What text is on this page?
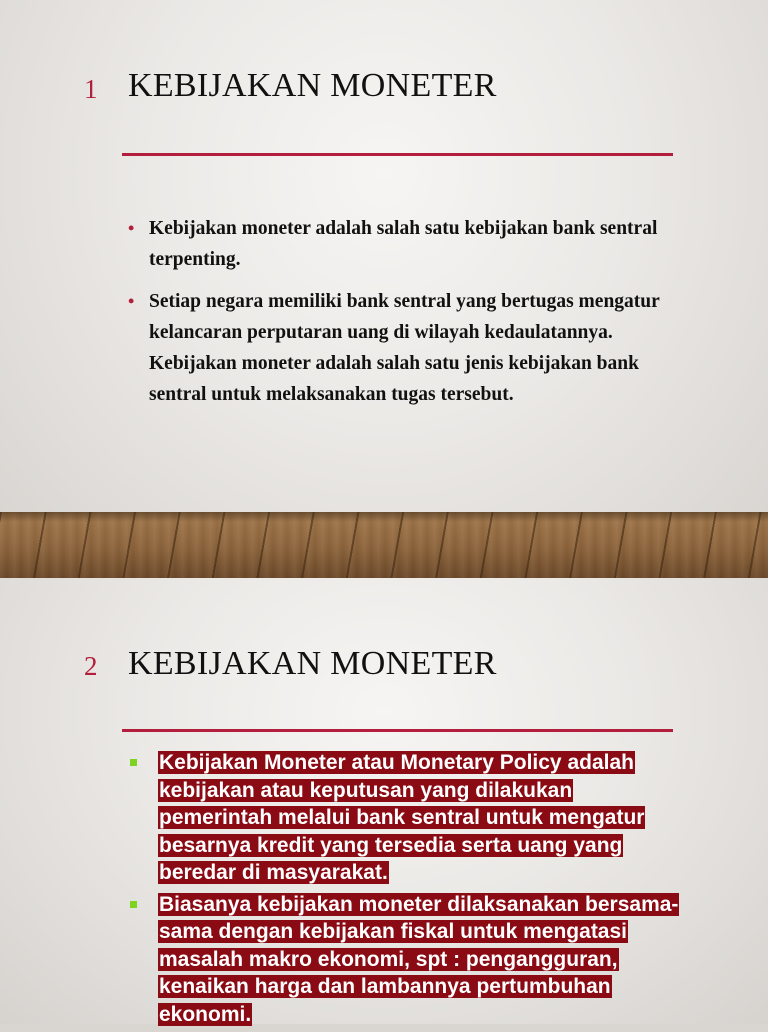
1 KEBIJAKAN MONETER
• Kebijakan moneter adalah salah satu kebijakan bank sentral terpenting.
• Setiap negara memiliki bank sentral yang bertugas mengatur kelancaran perputaran uang di wilayah kedaulatannya. Kebijakan moneter adalah salah satu jenis kebijakan bank sentral untuk melaksanakan tugas tersebut.
2 KEBIJAKAN MONETER
Kebijakan Moneter atau Monetary Policy adalah kebijakan atau keputusan yang dilakukan pemerintah melalui bank sentral untuk mengatur besarnya kredit yang tersedia serta uang yang beredar di masyarakat.
Biasanya kebijakan moneter dilaksanakan bersama-sama dengan kebijakan fiskal untuk mengatasi masalah makro ekonomi, spt : pengangguran, kenaikan harga dan lambannya pertumbuhan ekonomi.
